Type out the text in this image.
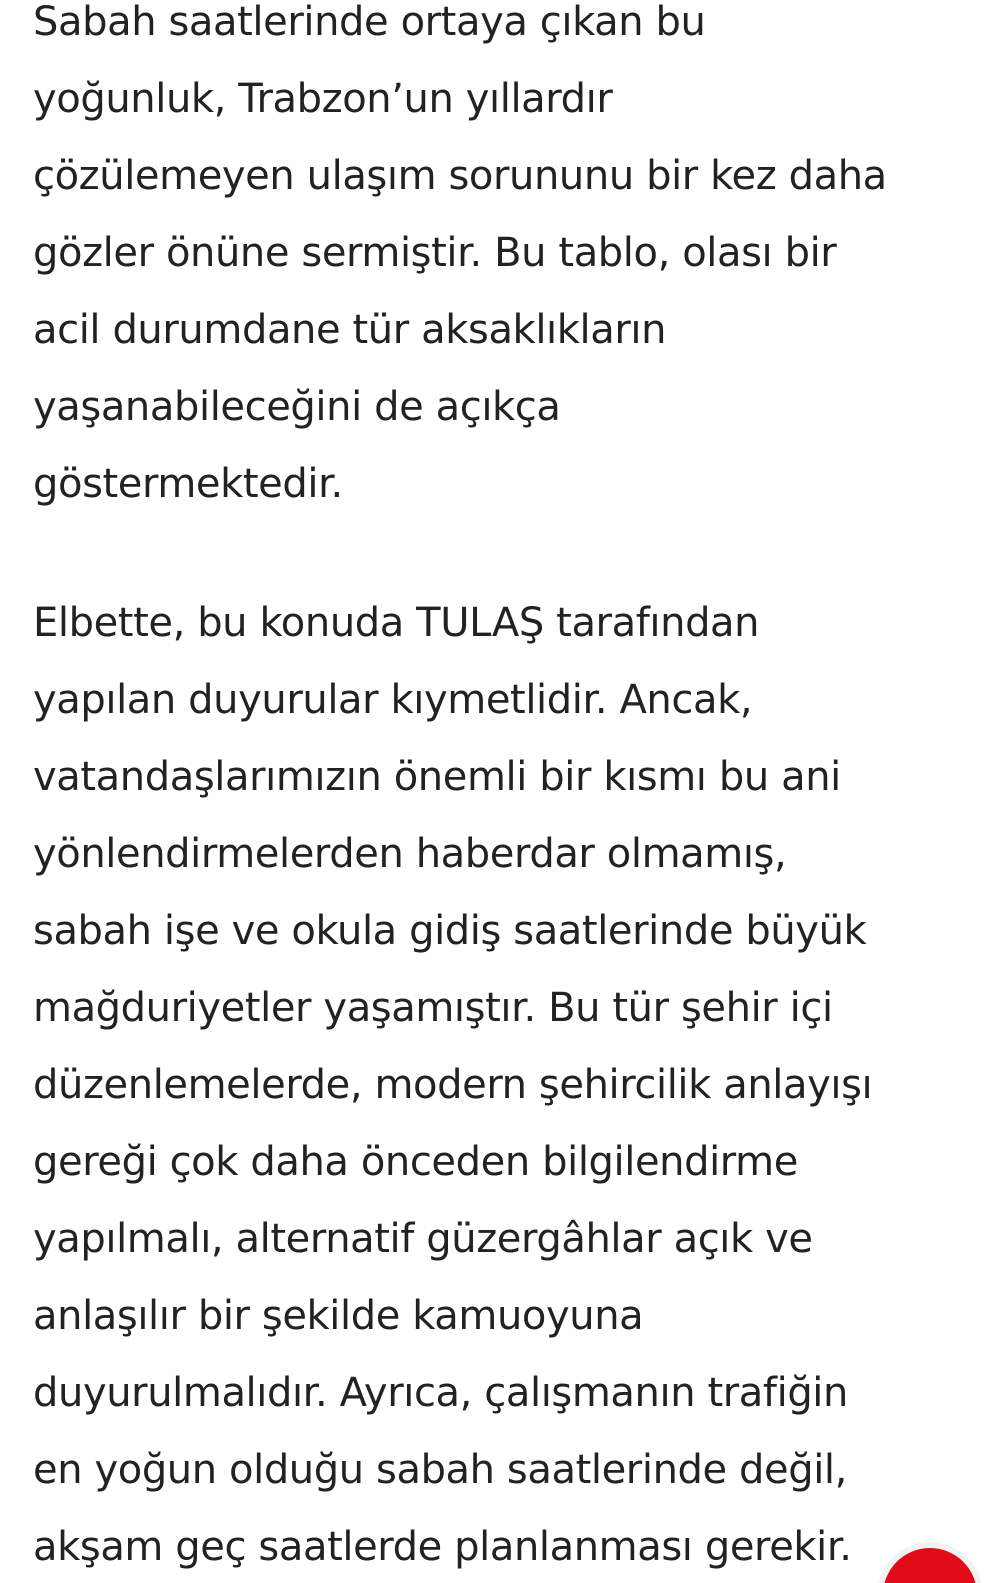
Sabah saatlerinde ortaya çıkan bu
yoğunluk, Trabzon’un yıllardır
çözülemeyen ulaşım sorununu bir kez daha
gözler önüne sermiştir. Bu tablo, olası bir
acil durumdane tür aksaklıkların
yaşanabileceğini de açıkça
göstermektedir.

Elbette, bu konuda TULAŞ tarafından
yapılan duyurular kıymetlidir. Ancak,
vatandaşlarımızın önemli bir kısmı bu ani
yönlendirmelerden haberdar olmamış,
sabah işe ve okula gidiş saatlerinde büyük
mağduriyetler yaşamıştır. Bu tür şehir içi
düzenlemelerde, modern şehircilik anlayışı
gereği çok daha önceden bilgilendirme
yapılmalı, alternatif güzergâhlar açık ve
anlaşılır bir şekilde kamuoyuna
duyurulmalıdır. Ayrıca, çalışmanın trafiğin
en yoğun olduğu sabah saatlerinde değil,
akşam geç saatlerde planlanması gerekir.
